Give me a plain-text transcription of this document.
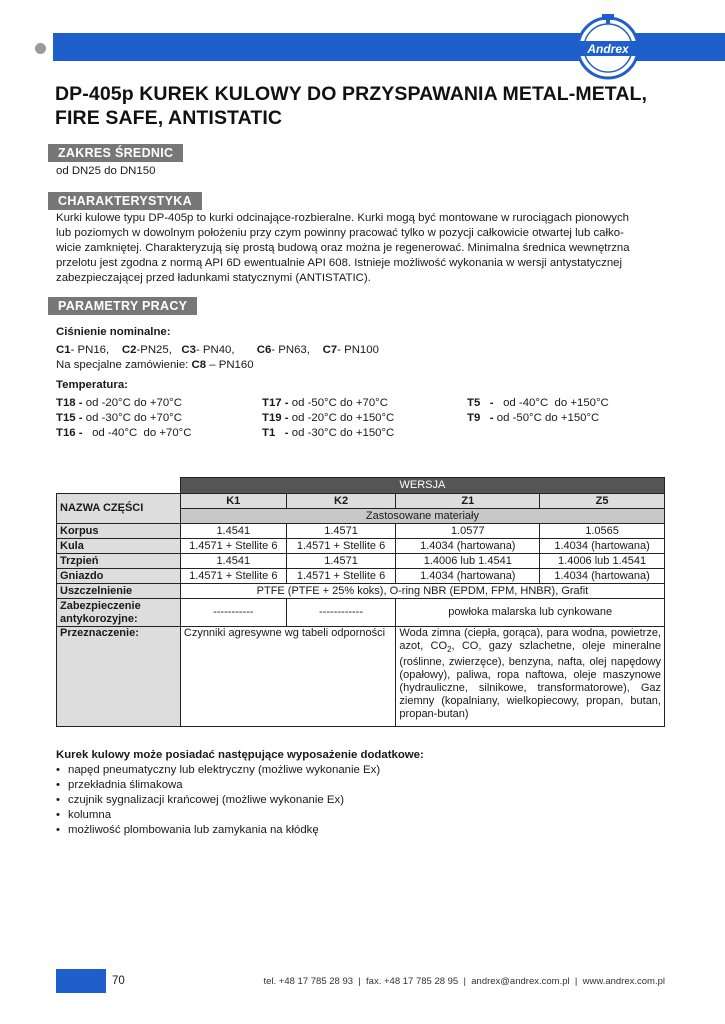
Andrex
DP-405p KUREK KULOWY DO PRZYSPAWANIA METAL-METAL, FIRE SAFE, ANTISTATIC
ZAKRES ŚREDNIC
od DN25 do DN150
CHARAKTERYSTYKA
Kurki kulowe typu DP-405p to kurki odcinające-rozbieralne. Kurki mogą być montowane w rurociągach pionowych
lub poziomych w dowolnym położeniu przy czym powinny pracować tylko w pozycji całkowicie otwartej lub całko-
wicie zamkniętej. Charakteryzują się prostą budową oraz można je regenerować. Minimalna średnica wewnętrzna
przelotu jest zgodna z normą API 6D ewentualnie API 608. Istnieje możliwość wykonania w wersji antystatycznej
zabezpieczającej przed ładunkami statycznymi (ANTISTATIC).
PARAMETRY PRACY
Ciśnienie nominalne:
C1- PN16, C2-PN25, C3- PN40, C6- PN63, C7- PN100
Na specjalne zamówienie: C8 – PN160
Temperatura:
T18 - od -20°C do +70°C
T15 - od -30°C do +70°C
T16 -   od -40°C  do +70°C
T17 - od -50°C do +70°C
T19 - od -20°C do +150°C
T1   - od -30°C do +150°C
T5   -   od -40°C  do +150°C
T9   - od -50°C do +150°C
	WERSJA			
NAZWA CZĘŚCI	K1	K2	Z1	Z5
	Zastosowane materiały			
Korpus	1.4541	1.4571	1.0577	1.0565
Kula	1.4571 + Stellite 6	1.4571 + Stellite 6	1.4034 (hartowana)	1.4034 (hartowana)
Trzpień	1.4541	1.4571	1.4006 lub 1.4541	1.4006 lub 1.4541
Gniazdo	1.4571 + Stellite 6	1.4571 + Stellite 6	1.4034 (hartowana)	1.4034 (hartowana)
Uszczelnienie	PTFE (PTFE + 25% koks), O-ring NBR (EPDM, FPM, HNBR), Grafit			
Zabezpieczenie antykorozyjne:	-----------	------------	powłoka malarska lub cynkowane	
Przeznaczenie:	Czynniki agresywne wg tabeli odporności		Woda zimna (ciepła, gorąca), para wodna, powietrze, azot, $CO_2$, CO, gazy szlachetne, oleje mineralne (roślinne, zwierzęce), benzyna, nafta, olej napędowy (opałowy), paliwa, ropa naftowa, oleje maszynowe (hydrauliczne, silnikowe, transformatorowe), Gaz ziemny (kopalniany, wielkopiecowy, propan, butan, propan-butan)	
Kurek kulowy może posiadać następujące wyposażenie dodatkowe:
• napęd pneumatyczny lub elektryczny (możliwe wykonanie Ex)
• przekładnia ślimakowa
• czujnik sygnalizacji krańcowej (możliwe wykonanie Ex)
• kolumna
• możliwość plombowania lub zamykania na kłódkę
70	tel. +48 17 785 28 93  |  fax. +48 17 785 28 95  |  andrex@andrex.com.pl  |  www.andrex.com.pl
